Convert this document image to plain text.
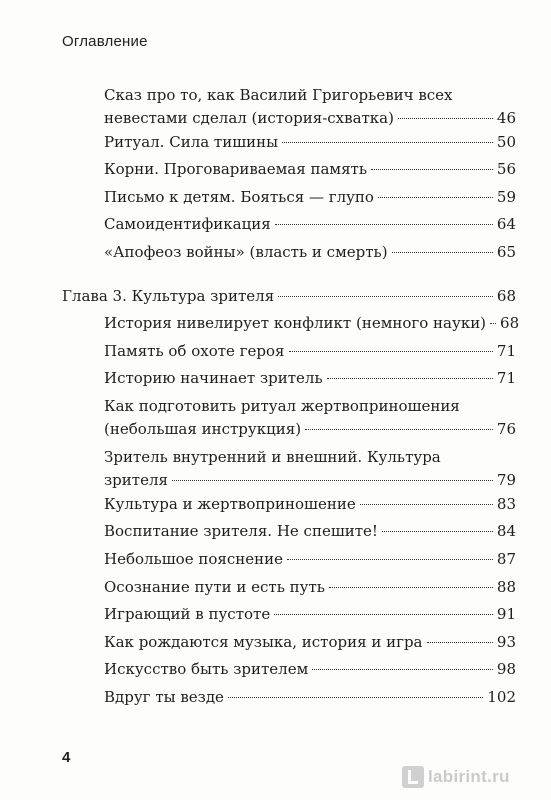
Оглавление
Сказ про то, как Василий Григорьевич всех
невестами сделал (история-схватка)	46
Ритуал. Сила тишины	50
Корни. Проговариваемая память	56
Письмо к детям. Бояться — глупо	59
Самоидентификация	64
«Апофеоз войны» (власть и смерть)	65
Глава 3. Культура зрителя	68
История нивелирует конфликт (немного науки) 68
Память об охоте героя	71
Историю начинает зритель	71
Как подготовить ритуал жертвоприношения
(небольшая инструкция)	76
Зритель внутренний и внешний. Культура
зрителя	79
Культура и жертвоприношение	83
Воспитание зрителя. Не спешите!	84
Небольшое пояснение	87
Осознание пути и есть путь	88
Играющий в пустоте	91
Как рождаются музыка, история и игра	93
Искусство быть зрителем	98
Вдруг ты везде	102
4
labirint.ru
